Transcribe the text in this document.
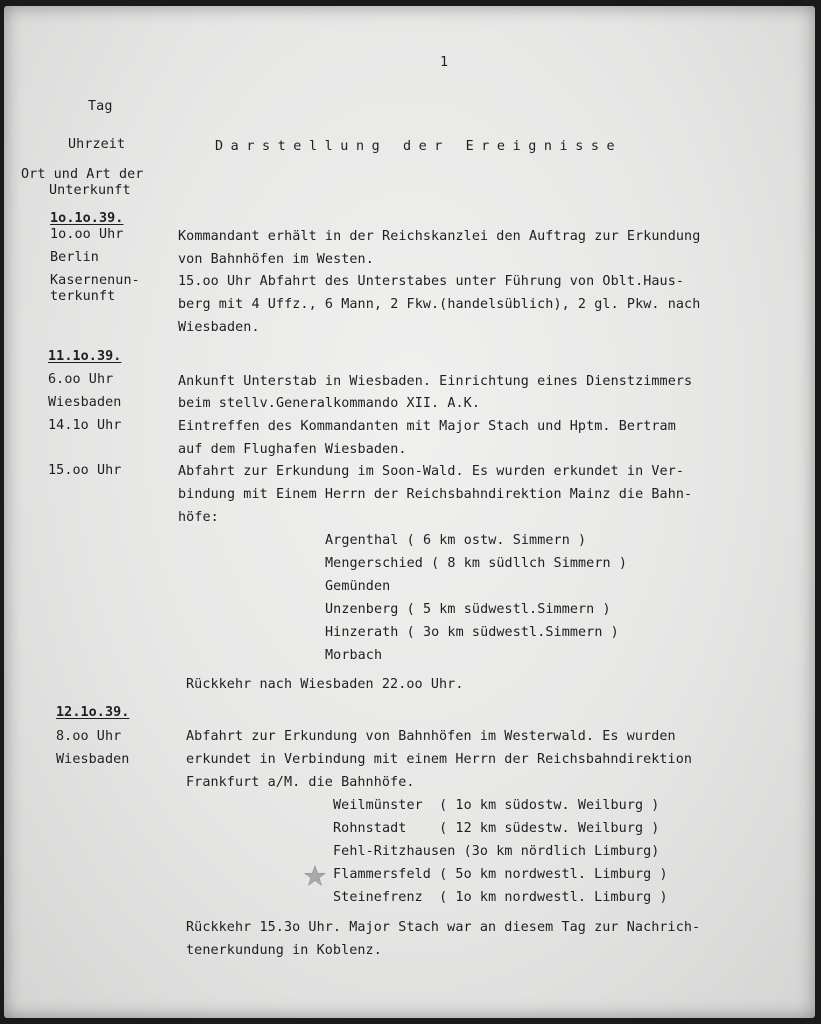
1
Tag
Uhrzeit
Ort und Art der
Unterkunft
Darstellung der Ereignisse
1o.1o.39.
1o.oo Uhr
Berlin
Kasernenun-
terkunft
Kommandant erhält in der Reichskanzlei den Auftrag zur Erkundung
von Bahnhöfen im Westen.
15.oo Uhr Abfahrt des Unterstabes unter Führung von Oblt.Haus-
berg mit 4 Uffz., 6 Mann, 2 Fkw.(handelsüblich), 2 gl. Pkw. nach
Wiesbaden.
11.1o.39.
6.oo Uhr
Wiesbaden
14.1o Uhr
15.oo Uhr
Ankunft Unterstab in Wiesbaden. Einrichtung eines Dienstzimmers
beim stellv.Generalkommando XII. A.K.
Eintreffen des Kommandanten mit Major Stach und Hptm. Bertram
auf dem Flughafen Wiesbaden.
Abfahrt zur Erkundung im Soon-Wald. Es wurden erkundet in Ver-
bindung mit Einem Herrn der Reichsbahndirektion Mainz die Bahn-
höfe:
Argenthal ( 6 km ostw. Simmern )
Mengerschied ( 8 km südllch Simmern )
Gemünden
Unzenberg ( 5 km südwestl.Simmern )
Hinzerath ( 3o km südwestl.Simmern )
Morbach
Rückkehr nach Wiesbaden 22.oo Uhr.
12.1o.39.
8.oo Uhr
Wiesbaden
Abfahrt zur Erkundung von Bahnhöfen im Westerwald. Es wurden
erkundet in Verbindung mit einem Herrn der Reichsbahndirektion
Frankfurt a/M. die Bahnhöfe.
Weilmünster  ( 1o km südostw. Weilburg )
Rohnstadt    ( 12 km südestw. Weilburg )
Fehl-Ritzhausen (3o km nördlich Limburg)
Flammersfeld ( 5o km nordwestl. Limburg )
Steinefrenz  ( 1o km nordwestl. Limburg )
Rückkehr 15.3o Uhr. Major Stach war an diesem Tag zur Nachrich-
tenerkundung in Koblenz.
